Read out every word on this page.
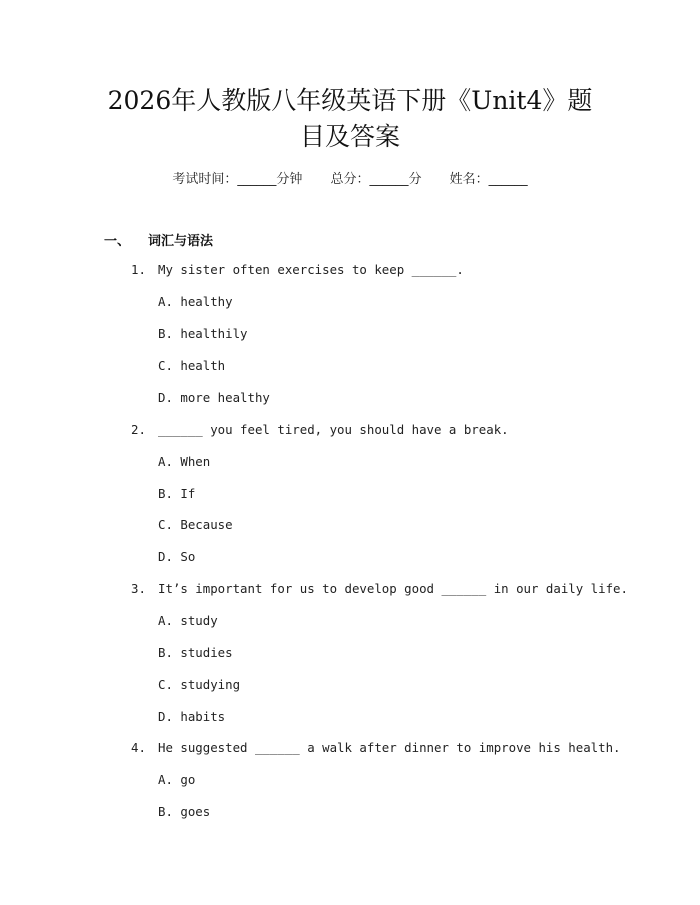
2026年人教版八年级英语下册《Unit4》题
目及答案
考试时间：______分钟 总分：______分 姓名：______
一、 词汇与语法
1. My sister often exercises to keep ______.
A. healthy
B. healthily
C. health
D. more healthy
2. ______ you feel tired, you should have a break.
A. When
B. If
C. Because
D. So
3. It’s important for us to develop good ______ in our daily life.
A. study
B. studies
C. studying
D. habits
4. He suggested ______ a walk after dinner to improve his health.
A. go
B. goes
